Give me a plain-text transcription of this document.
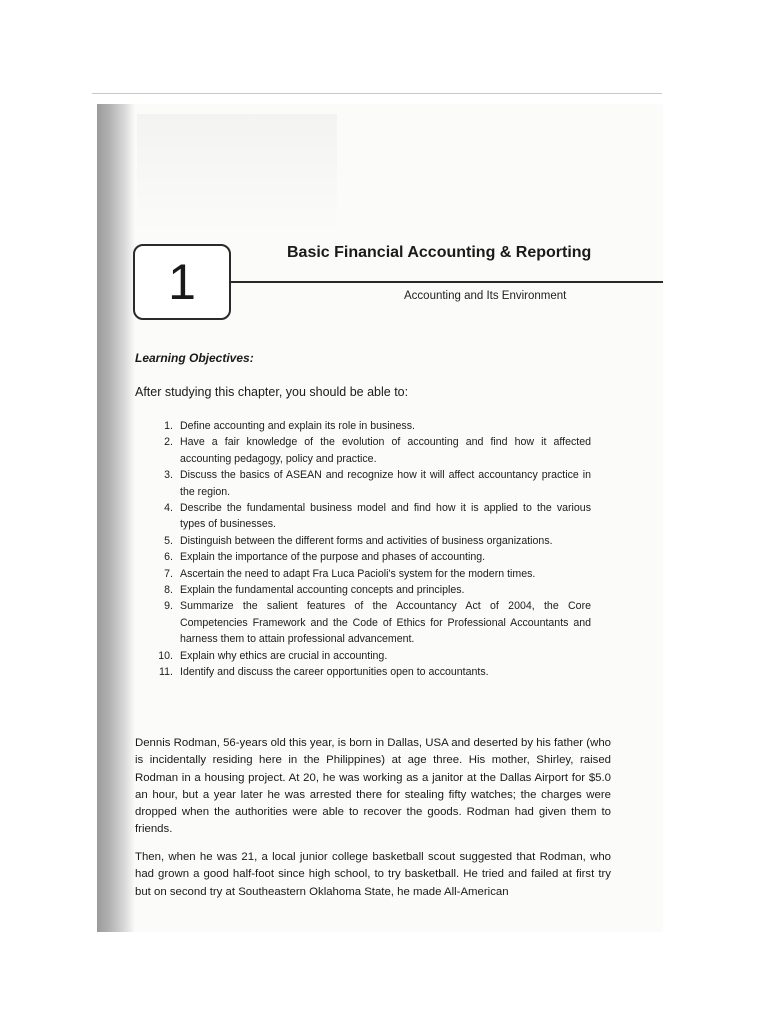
1
Basic Financial Accounting & Reporting
Accounting and Its Environment
Learning Objectives:
After studying this chapter, you should be able to:
1. Define accounting and explain its role in business.
2. Have a fair knowledge of the evolution of accounting and find how it affected accounting pedagogy, policy and practice.
3. Discuss the basics of ASEAN and recognize how it will affect accountancy practice in the region.
4. Describe the fundamental business model and find how it is applied to the various types of businesses.
5. Distinguish between the different forms and activities of business organizations.
6. Explain the importance of the purpose and phases of accounting.
7. Ascertain the need to adapt Fra Luca Pacioli's system for the modern times.
8. Explain the fundamental accounting concepts and principles.
9. Summarize the salient features of the Accountancy Act of 2004, the Core Competencies Framework and the Code of Ethics for Professional Accountants and harness them to attain professional advancement.
10. Explain why ethics are crucial in accounting.
11. Identify and discuss the career opportunities open to accountants.

Dennis Rodman, 56-years old this year, is born in Dallas, USA and deserted by his father (who is incidentally residing here in the Philippines) at age three. His mother, Shirley, raised Rodman in a housing project. At 20, he was working as a janitor at the Dallas Airport for $5.0 an hour, but a year later he was arrested there for stealing fifty watches; the charges were dropped when the authorities were able to recover the goods. Rodman had given them to friends.

Then, when he was 21, a local junior college basketball scout suggested that Rodman, who had grown a good half-foot since high school, to try basketball. He tried and failed at first try but on second try at Southeastern Oklahoma State, he made All-American
